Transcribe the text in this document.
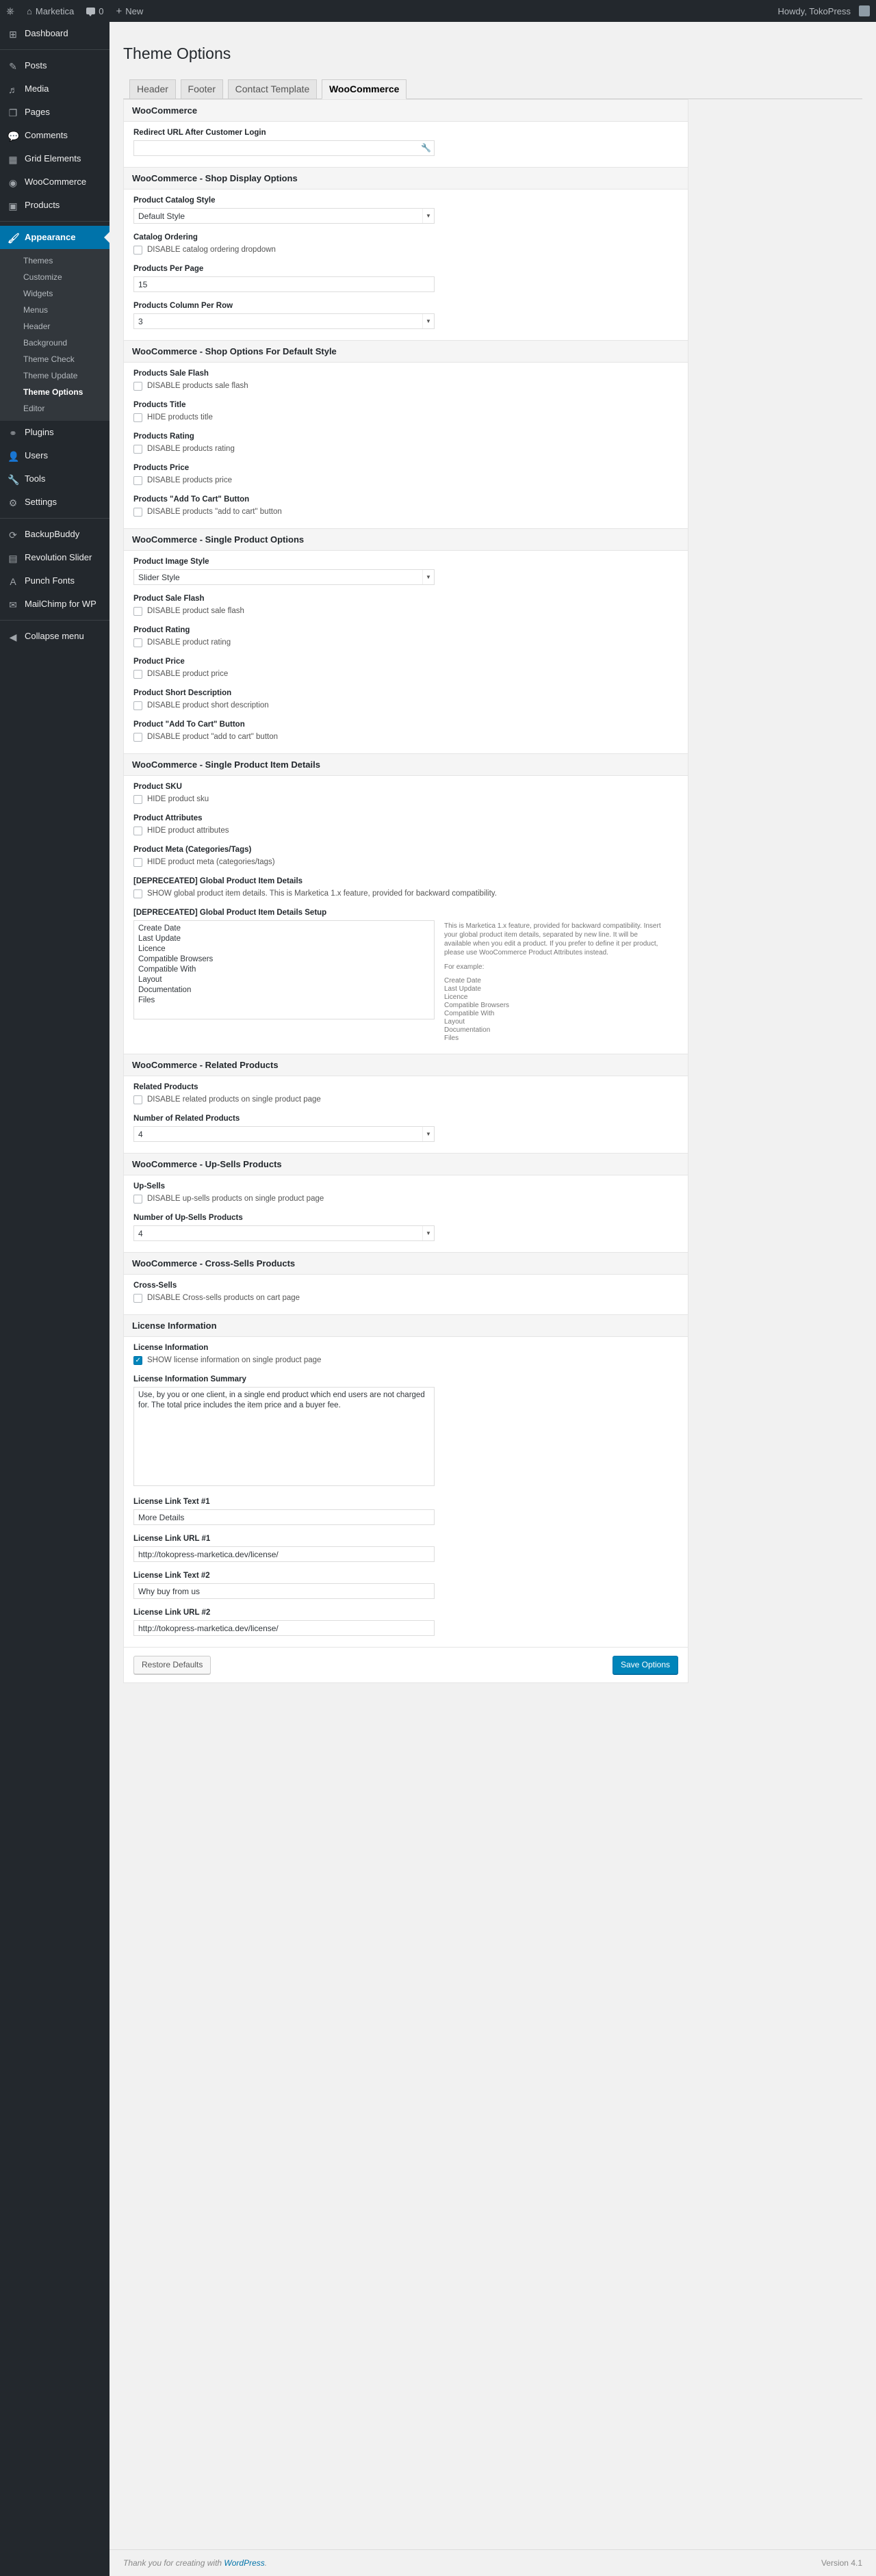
⎈ ⌂ Marketica	0 + New	Howdy, TokoPress
⊞
Dashboard
✎
Posts
♬
Media
❐
Pages
💬
Comments
▦
Grid Elements
◉
WooCommerce
▣
Products
🖌
Appearance
Themes
Customize
Widgets
Menus
Header
Background
Theme Check
Theme Update
Theme Options
Editor
⚭
Plugins
👤
Users
🔧
Tools
⚙
Settings
⟳
BackupBuddy
▤
Revolution Slider
A
Punch Fonts
✉
MailChimp for WP
◀
Collapse menu
Theme Options
Header Footer Contact Template WooCommerce
WooCommerce
Redirect URL After Customer Login
🔧
WooCommerce - Shop Display Options
Product Catalog Style
Default Style
▼
Catalog Ordering
DISABLE catalog ordering dropdown
Products Per Page
15
Products Column Per Row
3
▼
WooCommerce - Shop Options For Default Style
Products Sale Flash
DISABLE products sale flash
Products Title
HIDE products title
Products Rating
DISABLE products rating
Products Price
DISABLE products price
Products "Add To Cart" Button
DISABLE products "add to cart" button
WooCommerce - Single Product Options
Product Image Style
Slider Style
▼
Product Sale Flash
DISABLE product sale flash
Product Rating
DISABLE product rating
Product Price
DISABLE product price
Product Short Description
DISABLE product short description
Product "Add To Cart" Button
DISABLE product "add to cart" button
WooCommerce - Single Product Item Details
Product SKU
HIDE product sku
Product Attributes
HIDE product attributes
Product Meta (Categories/Tags)
HIDE product meta (categories/tags)
[DEPRECEATED] Global Product Item Details
SHOW global product item details. This is Marketica 1.x feature, provided for backward compatibility.
[DEPRECEATED] Global Product Item Details Setup
Create Date Last Update Licence Compatible Browsers Compatible With Layout Documentation Files

This is Marketica 1.x feature, provided for backward compatibility. Insert your global product item details, separated by new line. It will be available when you edit a product. If you prefer to define it per product, please use WooCommerce Product Attributes instead.

For example:

Create Date
Last Update
Licence
Compatible Browsers
Compatible With
Layout
Documentation
Files
WooCommerce - Related Products
Related Products
DISABLE related products on single product page
Number of Related Products
4
▼
WooCommerce - Up-Sells Products
Up-Sells
DISABLE up-sells products on single product page
Number of Up-Sells Products
4
▼
WooCommerce - Cross-Sells Products
Cross-Sells
DISABLE Cross-sells products on cart page
License Information
License Information
✓
SHOW license information on single product page
License Information Summary
Use, by you or one client, in a single end product which end users are not charged for. The total price includes the item price and a buyer fee.
License Link Text #1
More Details
License Link URL #1
http://tokopress-marketica.dev/license/
License Link Text #2
Why buy from us
License Link URL #2
http://tokopress-marketica.dev/license/
Restore Defaults	Save Options
Thank you for creating with WordPress.	Version 4.1
